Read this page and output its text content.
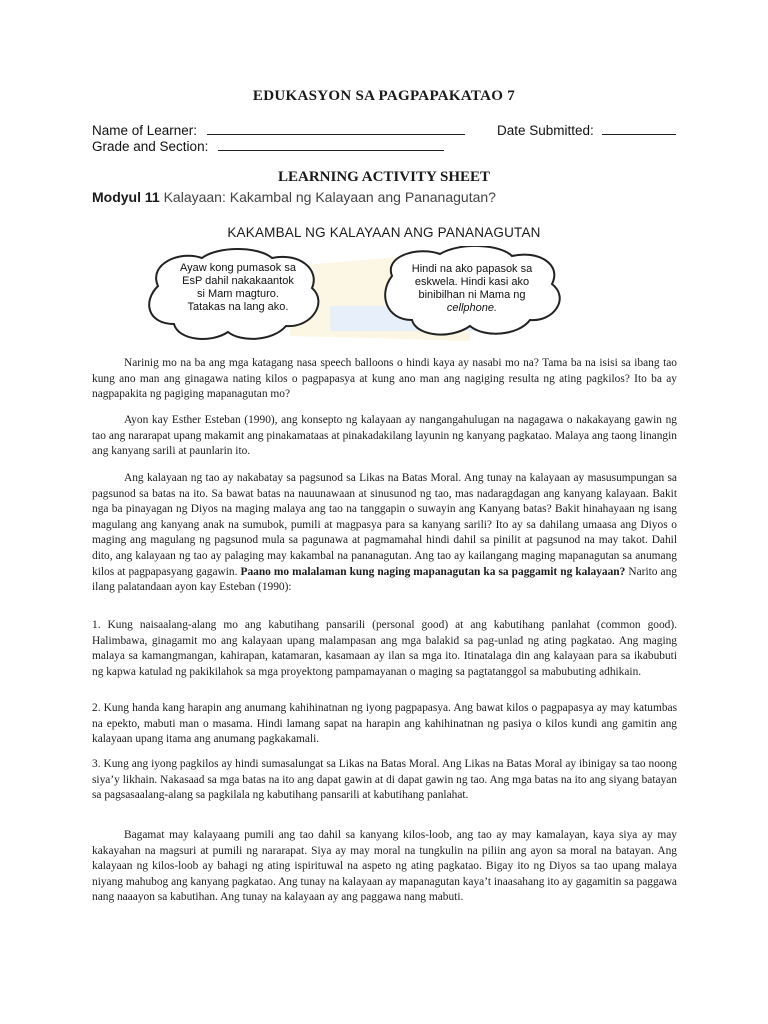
EDUKASYON SA PAGPAPAKATAO 7
Name of Learner:	Date Submitted:
Grade and Section:
LEARNING ACTIVITY SHEET
Modyul 11 Kalayaan: Kakambal ng Kalayaan ang Pananagutan?
KAKAMBAL NG KALAYAAN ANG PANANAGUTAN
Ayaw kong pumasok sa EsP dahil nakakaantok si Mam magturo. Tatakas na lang ako.
Hindi na ako papasok sa eskwela. Hindi kasi ako binibilhan ni Mama ng cellphone.

Narinig mo na ba ang mga katagang nasa speech balloons o hindi kaya ay nasabi mo na? Tama ba na isisi sa ibang tao kung ano man ang ginagawa nating kilos o pagpapasya at kung ano man ang nagiging resulta ng ating pagkilos? Ito ba ay nagpapakita ng pagiging mapanagutan mo?

Ayon kay Esther Esteban (1990), ang konsepto ng kalayaan ay nangangahulugan na nagagawa o nakakayang gawin ng tao ang nararapat upang makamit ang pinakamataas at pinakadakilang layunin ng kanyang pagkatao. Malaya ang taong linangin ang kanyang sarili at paunlarin ito.

Ang kalayaan ng tao ay nakabatay sa pagsunod sa Likas na Batas Moral. Ang tunay na kalayaan ay masusumpungan sa pagsunod sa batas na ito. Sa bawat batas na nauunawaan at sinusunod ng tao, mas nadaragdagan ang kanyang kalayaan. Bakit nga ba pinayagan ng Diyos na maging malaya ang tao na tanggapin o suwayin ang Kanyang batas? Bakit hinahayaan ng isang magulang ang kanyang anak na sumubok, pumili at magpasya para sa kanyang sarili? Ito ay sa dahilang umaasa ang Diyos o maging ang magulang ng pagsunod mula sa pagunawa at pagmamahal hindi dahil sa pinilit at pagsunod na may takot. Dahil dito, ang kalayaan ng tao ay palaging may kakambal na pananagutan. Ang tao ay kailangang maging mapanagutan sa anumang kilos at pagpapasyang gagawin. Paano mo malalaman kung naging mapanagutan ka sa paggamit ng kalayaan? Narito ang ilang palatandaan ayon kay Esteban (1990):

1. Kung naisaalang-alang mo ang kabutihang pansarili (personal good) at ang kabutihang panlahat (common good). Halimbawa, ginagamit mo ang kalayaan upang malampasan ang mga balakid sa pag-unlad ng ating pagkatao. Ang maging malaya sa kamangmangan, kahirapan, katamaran, kasamaan ay ilan sa mga ito. Itinatalaga din ang kalayaan para sa ikabubuti ng kapwa katulad ng pakikilahok sa mga proyektong pampamayanan o maging sa pagtatanggol sa mabubuting adhikain.

2. Kung handa kang harapin ang anumang kahihinatnan ng iyong pagpapasya. Ang bawat kilos o pagpapasya ay may katumbas na epekto, mabuti man o masama. Hindi lamang sapat na harapin ang kahihinatnan ng pasiya o kilos kundi ang gamitin ang kalayaan upang itama ang anumang pagkakamali.

3. Kung ang iyong pagkilos ay hindi sumasalungat sa Likas na Batas Moral. Ang Likas na Batas Moral ay ibinigay sa tao noong siya’y likhain. Nakasaad sa mga batas na ito ang dapat gawin at di dapat gawin ng tao. Ang mga batas na ito ang siyang batayan sa pagsasaalang-alang sa pagkilala ng kabutihang pansarili at kabutihang panlahat.

Bagamat may kalayaang pumili ang tao dahil sa kanyang kilos-loob, ang tao ay may kamalayan, kaya siya ay may kakayahan na magsuri at pumili ng nararapat. Siya ay may moral na tungkulin na piliin ang ayon sa moral na batayan. Ang kalayaan ng kilos-loob ay bahagi ng ating ispirituwal na aspeto ng ating pagkatao. Bigay ito ng Diyos sa tao upang malaya niyang mahubog ang kanyang pagkatao. Ang tunay na kalayaan ay mapanagutan kaya’t inaasahang ito ay gagamitin sa paggawa nang naaayon sa kabutihan. Ang tunay na kalayaan ay ang paggawa nang mabuti.
